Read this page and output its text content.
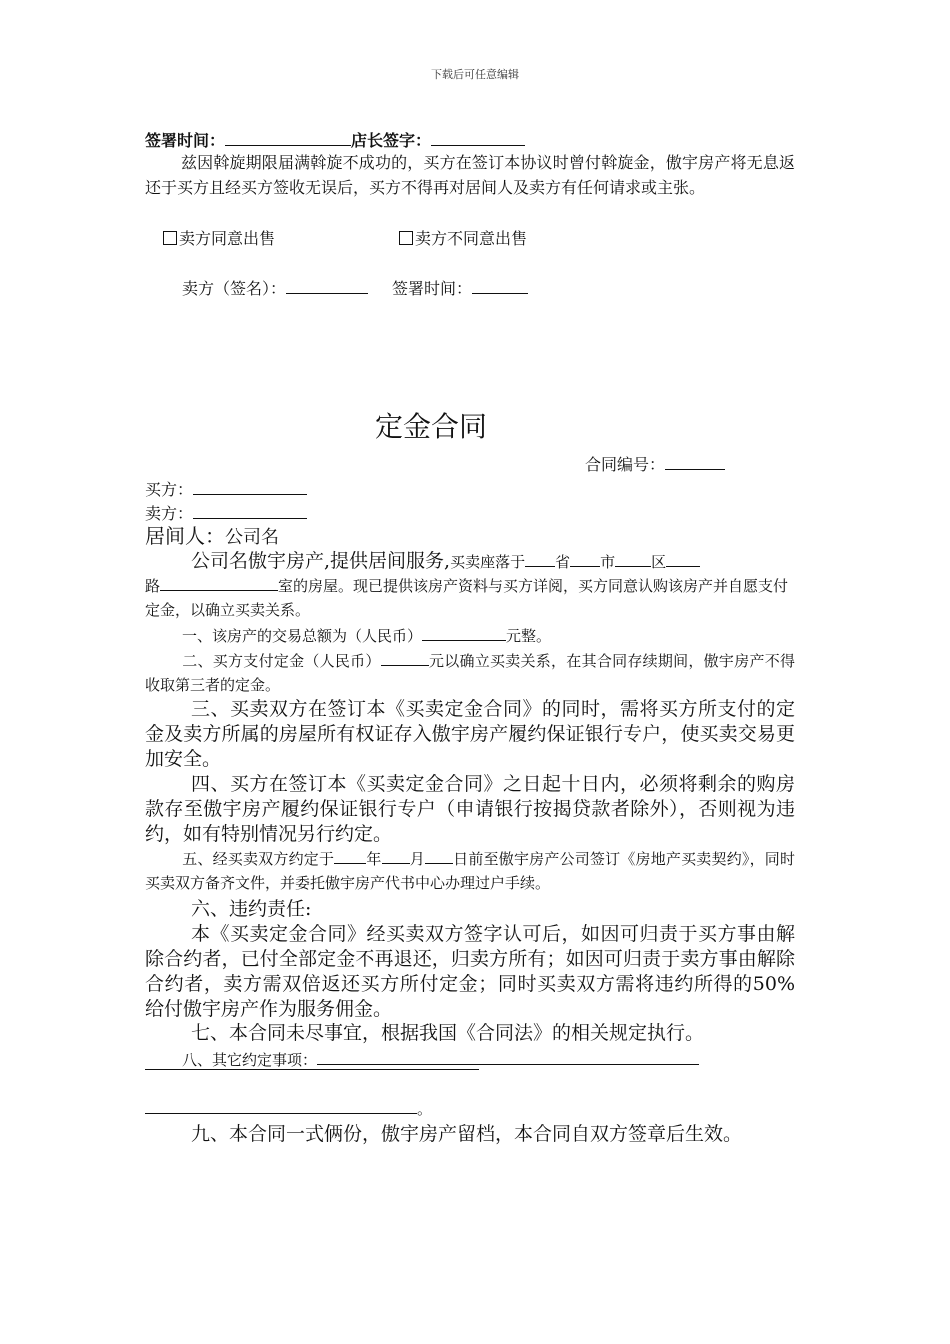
下载后可任意编辑
签署时间：	店长签字：
兹因斡旋期限届满斡旋不成功的，买方在签订本协议时曾付斡旋金，傲宇房产将无息返还于买方且经买方签收无误后，买方不得再对居间人及卖方有任何请求或主张。
卖方同意出售	卖方不同意出售
卖方（签名）：	签署时间：
定金合同
合同编号：
买方：
卖方：
居间人：公司名
公司名傲宇房产,提供居间服务,买卖座落于 省 市 区
路	室的房屋。现已提供该房产资料与买方详阅，买方同意认购该房产并自愿支付定金，以确立买卖关系。
一、该房产的交易总额为（人民币）	元整。
二、买方支付定金（人民币）	元以确立买卖关系，在其合同存续期间，傲宇房产不得收取第三者的定金。
三、买卖双方在签订本《买卖定金合同》的同时，需将买方所支付的定金及卖方所属的房屋所有权证存入傲宇房产履约保证银行专户，使买卖交易更加安全。
四、买方在签订本《买卖定金合同》之日起十日内，必须将剩余的购房款存至傲宇房产履约保证银行专户（申请银行按揭贷款者除外），否则视为违约，如有特别情况另行约定。
五、经买卖双方约定于 年 月 日前至傲宇房产公司签订《房地产买卖契约》，同时买卖双方备齐文件，并委托傲宇房产代书中心办理过户手续。
六、违约责任:
本《买卖定金合同》经买卖双方签字认可后，如因可归责于买方事由解除合约者，已付全部定金不再退还，归卖方所有；如因可归责于卖方事由解除合约者，卖方需双倍返还买方所付定金；同时买卖双方需将违约所得的50%给付傲宇房产作为服务佣金。
七、本合同未尽事宜，根据我国《合同法》的相关规定执行。
八、其它约定事项：
。
九、本合同一式俩份，傲宇房产留档，本合同自双方签章后生效。
